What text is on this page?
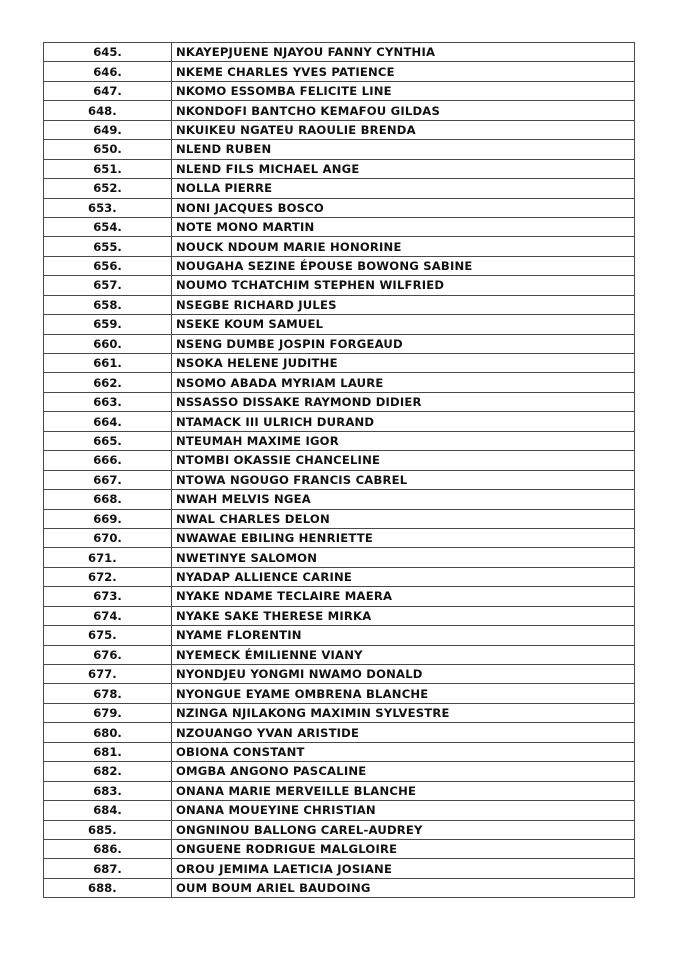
645.	NKAYEPJUENE NJAYOU FANNY CYNTHIA
646.	NKEME CHARLES YVES PATIENCE
647.	NKOMO ESSOMBA FELICITE LINE
648.	NKONDOFI BANTCHO KEMAFOU GILDAS
649.	NKUIKEU NGATEU RAOULIE BRENDA
650.	NLEND RUBEN
651.	NLEND FILS MICHAEL ANGE
652.	NOLLA PIERRE
653.	NONI JACQUES BOSCO
654.	NOTE MONO MARTIN
655.	NOUCK NDOUM MARIE HONORINE
656.	NOUGAHA SEZINE ÉPOUSE BOWONG SABINE
657.	NOUMO TCHATCHIM STEPHEN WILFRIED
658.	NSEGBE RICHARD JULES
659.	NSEKE KOUM SAMUEL
660.	NSENG DUMBE JOSPIN FORGEAUD
661.	NSOKA HELENE JUDITHE
662.	NSOMO ABADA MYRIAM LAURE
663.	NSSASSO DISSAKE RAYMOND DIDIER
664.	NTAMACK III ULRICH DURAND
665.	NTEUMAH MAXIME IGOR
666.	NTOMBI OKASSIE CHANCELINE
667.	NTOWA NGOUGO FRANCIS CABREL
668.	NWAH MELVIS NGEA
669.	NWAL CHARLES DELON
670.	NWAWAE EBILING HENRIETTE
671.	NWETINYE SALOMON
672.	NYADAP ALLIENCE CARINE
673.	NYAKE NDAME TECLAIRE MAERA
674.	NYAKE SAKE THERESE MIRKA
675.	NYAME FLORENTIN
676.	NYEMECK ÉMILIENNE VIANY
677.	NYONDJEU YONGMI NWAMO DONALD
678.	NYONGUE EYAME OMBRENA BLANCHE
679.	NZINGA NJILAKONG MAXIMIN SYLVESTRE
680.	NZOUANGO YVAN ARISTIDE
681.	OBIONA CONSTANT
682.	OMGBA ANGONO PASCALINE
683.	ONANA MARIE MERVEILLE BLANCHE
684.	ONANA MOUEYINE CHRISTIAN
685.	ONGNINOU BALLONG CAREL-AUDREY
686.	ONGUENE RODRIGUE MALGLOIRE
687.	OROU JEMIMA LAETICIA JOSIANE
688.	OUM BOUM ARIEL BAUDOING
